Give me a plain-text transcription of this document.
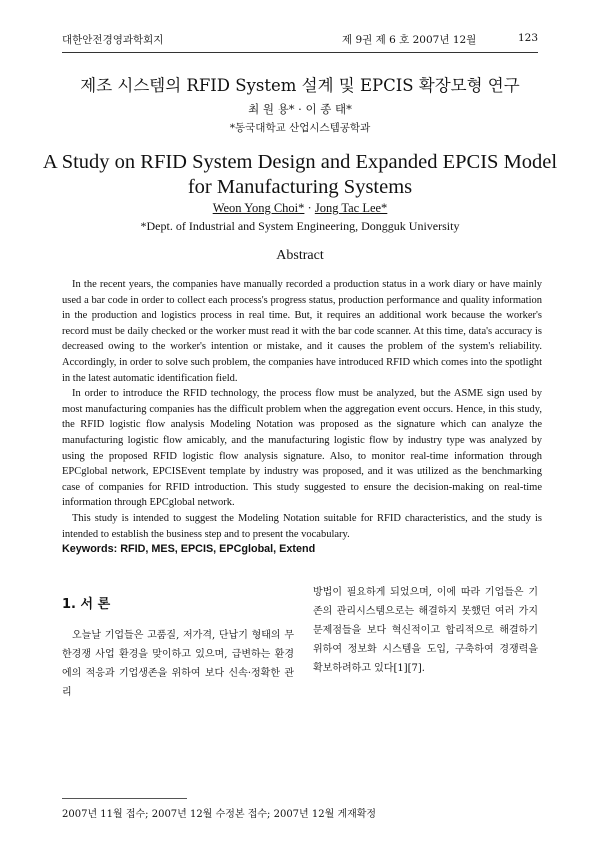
대한안전경영과학회지	제 9권 제 6 호 2007년 12월	123
제조 시스템의 RFID System 설계 및 EPCIS 확장모형 연구
최 원 용* · 이 종 태*
*동국대학교 산업시스템공학과
A Study on RFID System Design and Expanded EPCIS Model
for Manufacturing Systems
Weon Yong Choi* · Jong Tac Lee*
*Dept. of Industrial and System Engineering, Dongguk University
Abstract

In the recent years, the companies have manually recorded a production status in a work diary or have mainly used a bar code in order to collect each process's progress status, production performance and quality information in the production and logistics process in real time. But, it requires an additional work because the worker's record must be daily checked or the worker must read it with the bar code scanner. At this time, data's accuracy is decreased owing to the worker's intention or mistake, and it causes the problem of the system's reliability. Accordingly, in order to solve such problem, the companies have introduced RFID which comes into the spotlight in the latest automatic identification field.

In order to introduce the RFID technology, the process flow must be analyzed, but the ASME sign used by most manufacturing companies has the difficult problem when the aggregation event occurs. Hence, in this study, the RFID logistic flow analysis Modeling Notation was proposed as the signature which can analyze the manufacturing logistic flow amicably, and the manufacturing logistic flow by industry type was analyzed by using the proposed RFID logistic flow analysis signature. Also, to monitor real-time information through EPCglobal network, EPCISEvent template by industry was proposed, and it was utilized as the benchmarking case of companies for RFID introduction. This study suggested to ensure the decision-making on real-time information through EPCglobal network.

This study is intended to suggest the Modeling Notation suitable for RFID characteristics, and the study is intended to establish the business step and to present the vocabulary.

Keywords: RFID, MES, EPCIS, EPCglobal, Extend
1. 서 론

오늘날 기업들은 고품질, 저가격, 단납기 형태의 무한경쟁 사업 환경을 맞이하고 있으며, 급변하는 환경에의 적응과 기업생존을 위하여 보다 신속·정확한 관리

방법이 필요하게 되었으며, 이에 따라 기업들은 기존의 관리시스템으로는 해결하지 못했던 여러 가지 문제점들을 보다 혁신적이고 합리적으로 해결하기 위하여 정보화 시스템을 도입, 구축하여 경쟁력을 확보하려하고 있다[1][7].

2007년 11월 접수; 2007년 12월 수정본 접수; 2007년 12월 게재확정
